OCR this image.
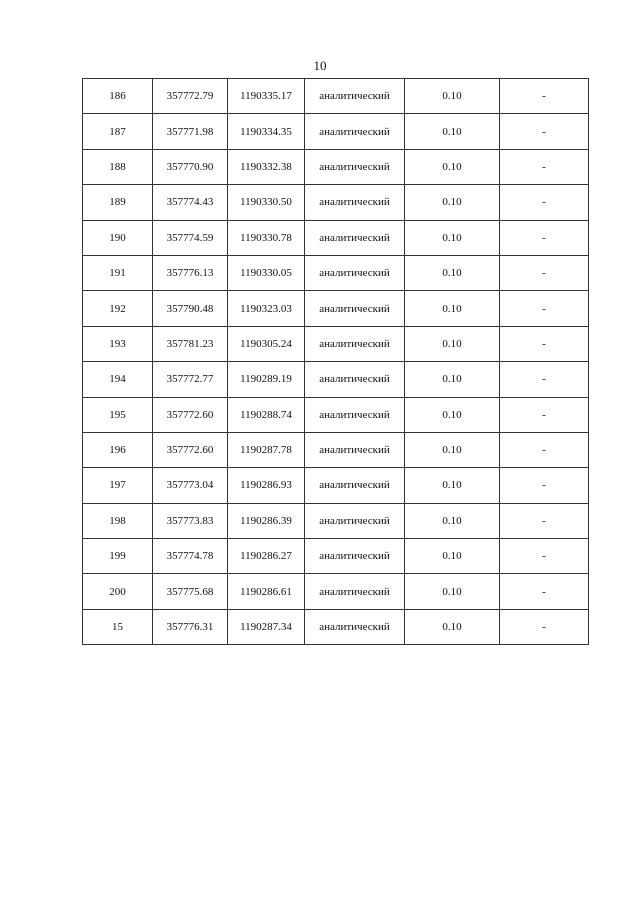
10
186	357772.79	1190335.17	аналитический	0.10	-
187	357771.98	1190334.35	аналитический	0.10	-
188	357770.90	1190332.38	аналитический	0.10	-
189	357774.43	1190330.50	аналитический	0.10	-
190	357774.59	1190330.78	аналитический	0.10	-
191	357776.13	1190330.05	аналитический	0.10	-
192	357790.48	1190323.03	аналитический	0.10	-
193	357781.23	1190305.24	аналитический	0.10	-
194	357772.77	1190289.19	аналитический	0.10	-
195	357772.60	1190288.74	аналитический	0.10	-
196	357772.60	1190287.78	аналитический	0.10	-
197	357773.04	1190286.93	аналитический	0.10	-
198	357773.83	1190286.39	аналитический	0.10	-
199	357774.78	1190286.27	аналитический	0.10	-
200	357775.68	1190286.61	аналитический	0.10	-
15	357776.31	1190287.34	аналитический	0.10	-
